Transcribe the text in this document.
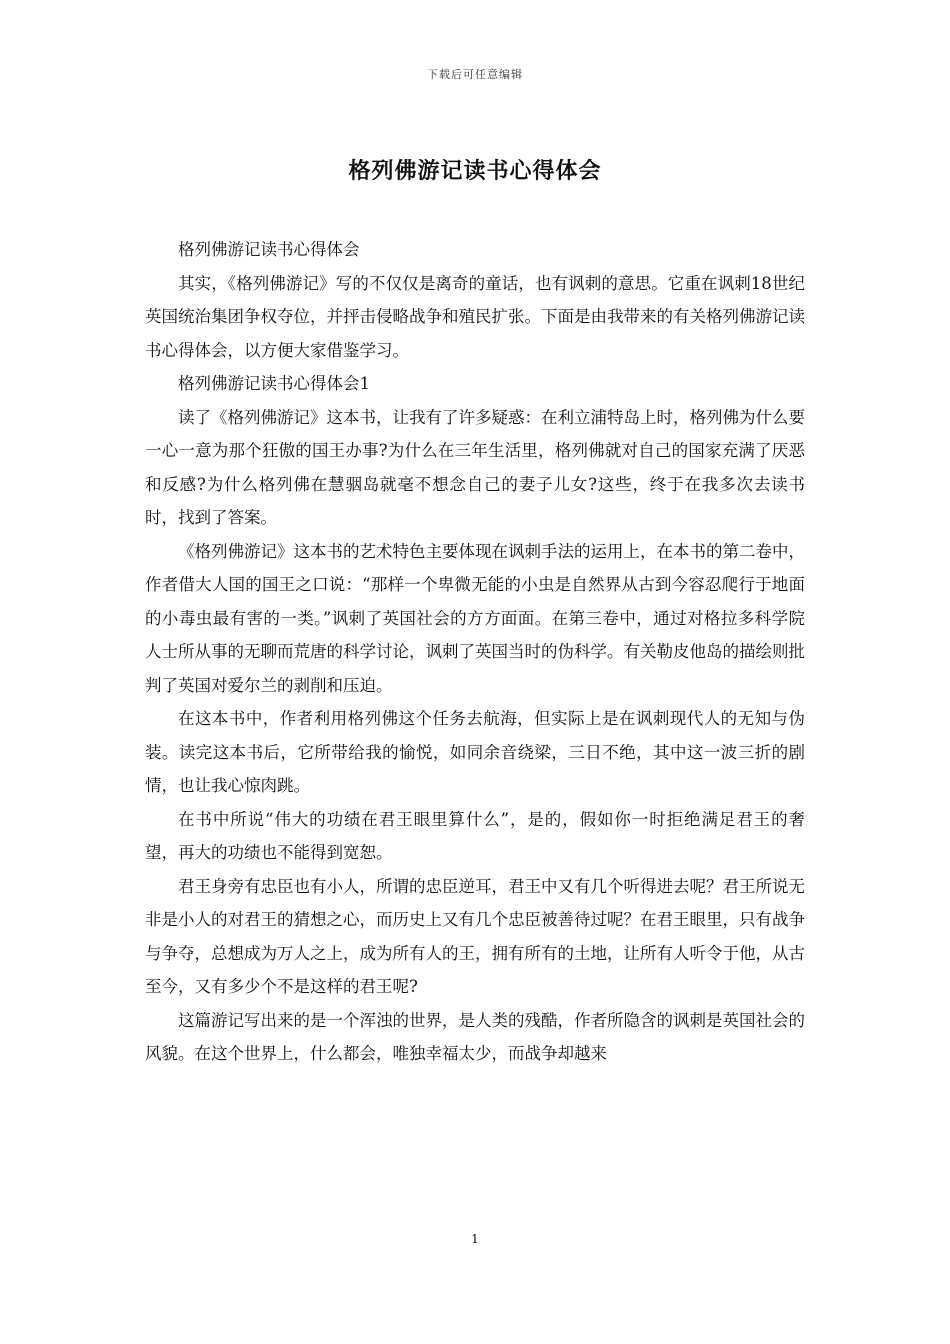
下载后可任意编辑
格列佛游记读书心得体会

格列佛游记读书心得体会

其实，《格列佛游记》写的不仅仅是离奇的童话，也有讽刺的意思。它重在讽刺18世纪英国统治集团争权夺位，并抨击侵略战争和殖民扩张。下面是由我带来的有关格列佛游记读书心得体会，以方便大家借鉴学习。

格列佛游记读书心得体会1

读了《格列佛游记》这本书，让我有了许多疑惑：在利立浦特岛上时，格列佛为什么要一心一意为那个狂傲的国王办事?为什么在三年生活里，格列佛就对自己的国家充满了厌恶和反感?为什么格列佛在慧骃岛就毫不想念自己的妻子儿女?这些，终于在我多次去读书时，找到了答案。

《格列佛游记》这本书的艺术特色主要体现在讽刺手法的运用上，在本书的第二卷中，作者借大人国的国王之口说：“那样一个卑微无能的小虫是自然界从古到今容忍爬行于地面的小毒虫最有害的一类。”讽刺了英国社会的方方面面。在第三卷中，通过对格拉多科学院人士所从事的无聊而荒唐的科学讨论，讽刺了英国当时的伪科学。有关勒皮他岛的描绘则批判了英国对爱尔兰的剥削和压迫。

在这本书中，作者利用格列佛这个任务去航海，但实际上是在讽刺现代人的无知与伪装。读完这本书后，它所带给我的愉悦，如同余音绕梁，三日不绝，其中这一波三折的剧情，也让我心惊肉跳。

在书中所说“伟大的功绩在君王眼里算什么”，是的，假如你一时拒绝满足君王的奢望，再大的功绩也不能得到宽恕。

君王身旁有忠臣也有小人，所谓的忠臣逆耳，君王中又有几个听得进去呢？君王所说无非是小人的对君王的猜想之心，而历史上又有几个忠臣被善待过呢？在君王眼里，只有战争与争夺，总想成为万人之上，成为所有人的王，拥有所有的土地，让所有人听令于他，从古至今，又有多少个不是这样的君王呢?

这篇游记写出来的是一个浑浊的世界，是人类的残酷，作者所隐含的讽刺是英国社会的风貌。在这个世界上，什么都会，唯独幸福太少，而战争却越来

1
